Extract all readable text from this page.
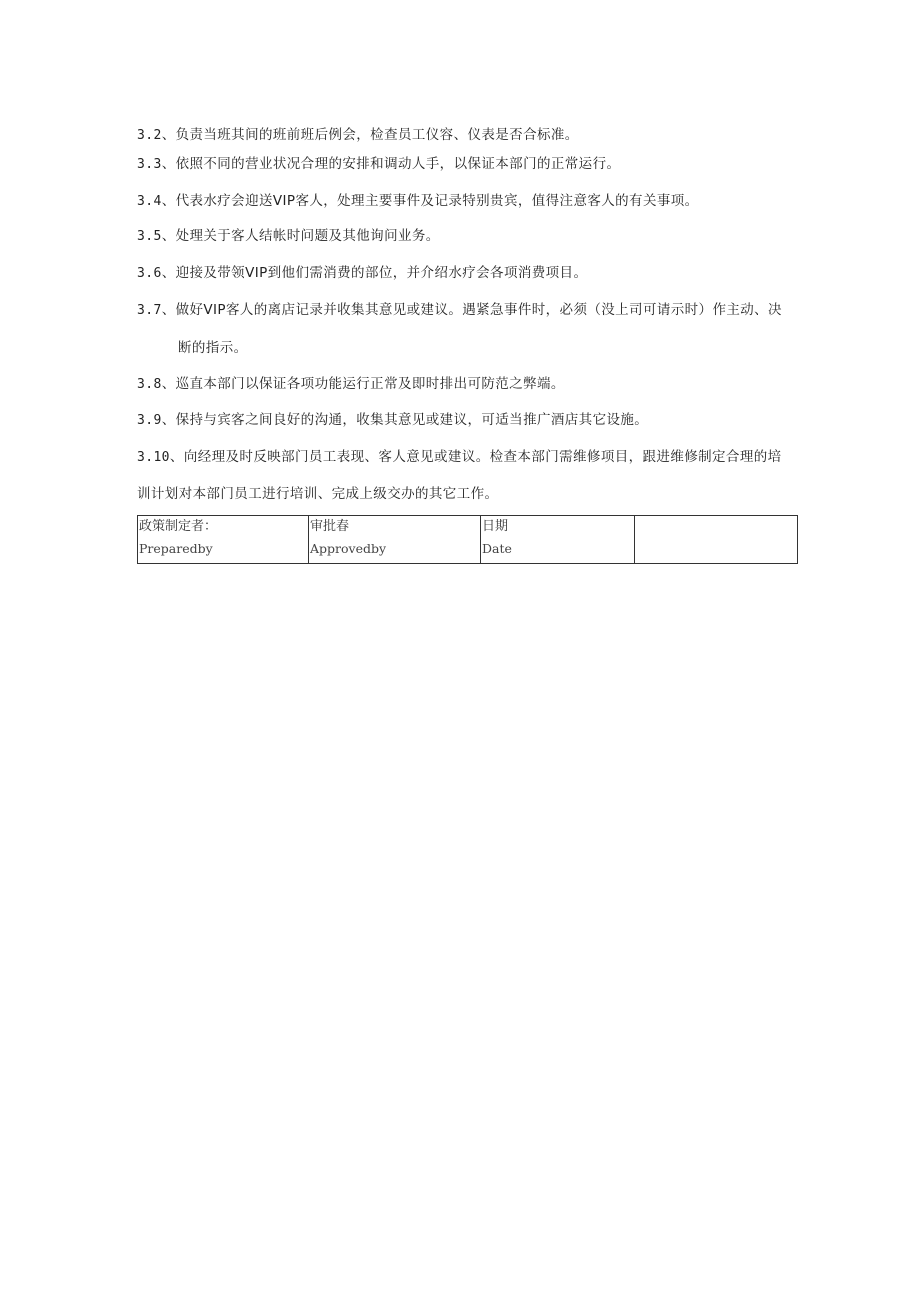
3.2、负责当班其间的班前班后例会，检查员工仪容、仪表是否合标准。
3.3、依照不同的营业状况合理的安排和调动人手，以保证本部门的正常运行。
3.4、代表水疗会迎送VIP客人，处理主要事件及记录特别贵宾，值得注意客人的有关事项。
3.5、处理关于客人结帐时问题及其他询问业务。
3.6、迎接及带领VIP到他们需消费的部位，并介绍水疗会各项消费项目。
3.7、做好VIP客人的离店记录并收集其意见或建议。遇紧急事件时，必须（没上司可请示时）作主动、决
断的指示。
3.8、巡直本部门以保证各项功能运行正常及即时排出可防范之弊端。
3.9、保持与宾客之间良好的沟通，收集其意见或建议，可适当推广酒店其它设施。
3.10、向经理及时反映部门员工表现、客人意见或建议。检查本部门需维修项目，跟进维修制定合理的培
训计划对本部门员工进行培训、完成上级交办的其它工作。
政策制定者：
Preparedby

审批春
Approvedby

日期
Date
